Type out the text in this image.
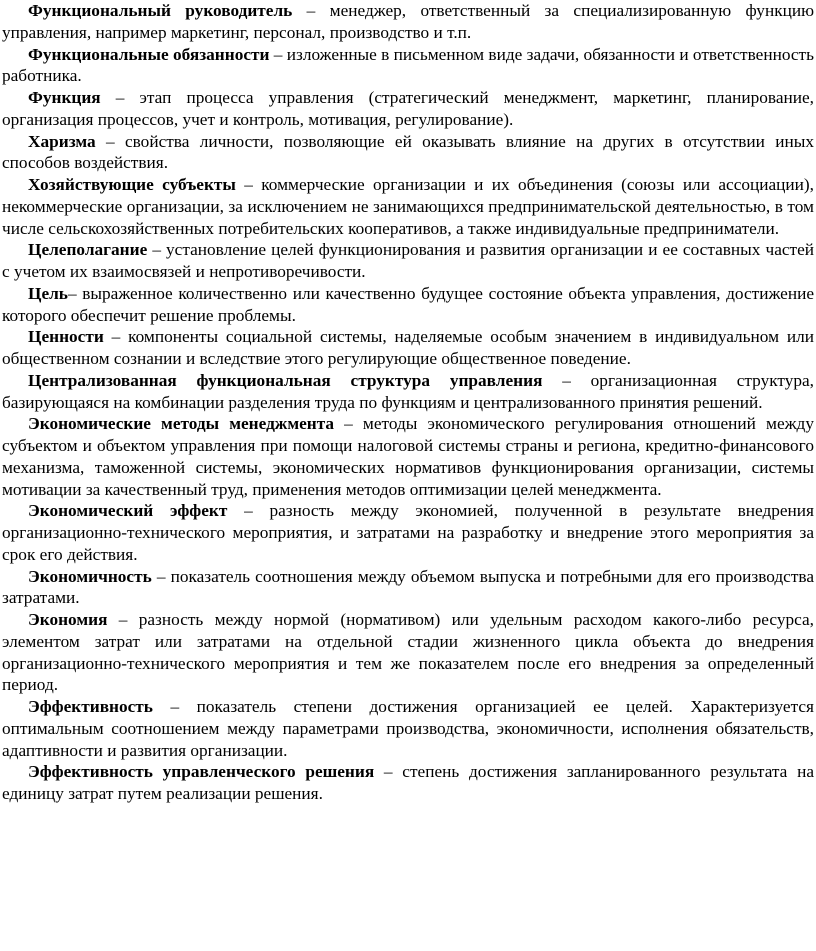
Функциональный руководитель – менеджер, ответственный за специализированную функцию управления, например маркетинг, персонал, производство и т.п.

Функциональные обязанности – изложенные в письменном виде задачи, обязанности и ответственность работника.

Функция – этап процесса управления (стратегический менеджмент, маркетинг, планирование, организация процессов, учет и контроль, мотивация, регулирование).

Харизма – свойства личности, позволяющие ей оказывать влияние на других в отсутствии иных способов воздействия.

Хозяйствующие субъекты – коммерческие организации и их объединения (союзы или ассоциации), некоммерческие организации, за исключением не занимающихся предпринимательской деятельностью, в том числе сельскохозяйственных потребительских кооперативов, а также индивидуальные предприниматели.

Целеполагание – установление целей функционирования и развития организации и ее составных частей с учетом их взаимосвязей и непротиворечивости.

Цель– выраженное количественно или качественно будущее состояние объекта управления, достижение которого обеспечит решение проблемы.

Ценности – компоненты социальной системы, наделяемые особым значением в индивидуальном или общественном сознании и вследствие этого регулирующие общественное поведение.

Централизованная функциональная структура управления – организационная структура, базирующаяся на комбинации разделения труда по функциям и централизованного принятия решений.

Экономические методы менеджмента – методы экономического регулирования отношений между субъектом и объектом управления при помощи налоговой системы страны и региона, кредитно-финансового механизма, таможенной системы, экономических нормативов функционирования организации, системы мотивации за качественный труд, применения методов оптимизации целей менеджмента.

Экономический эффект – разность между экономией, полученной в результате внедрения организационно-технического мероприятия, и затратами на разработку и внедрение этого мероприятия за срок его действия.

Экономичность – показатель соотношения между объемом выпуска и потребными для его производства затратами.

Экономия – разность между нормой (нормативом) или удельным расходом какого-либо ресурса, элементом затрат или затратами на отдельной стадии жизненного цикла объекта до внедрения организационно-технического мероприятия и тем же показателем после его внедрения за определенный период.

Эффективность – показатель степени достижения организацией ее целей. Характеризуется оптимальным соотношением между параметрами производства, экономичности, исполнения обязательств, адаптивности и развития организации.

Эффективность управленческого решения – степень достижения запланированного результата на единицу затрат путем реализации решения.
